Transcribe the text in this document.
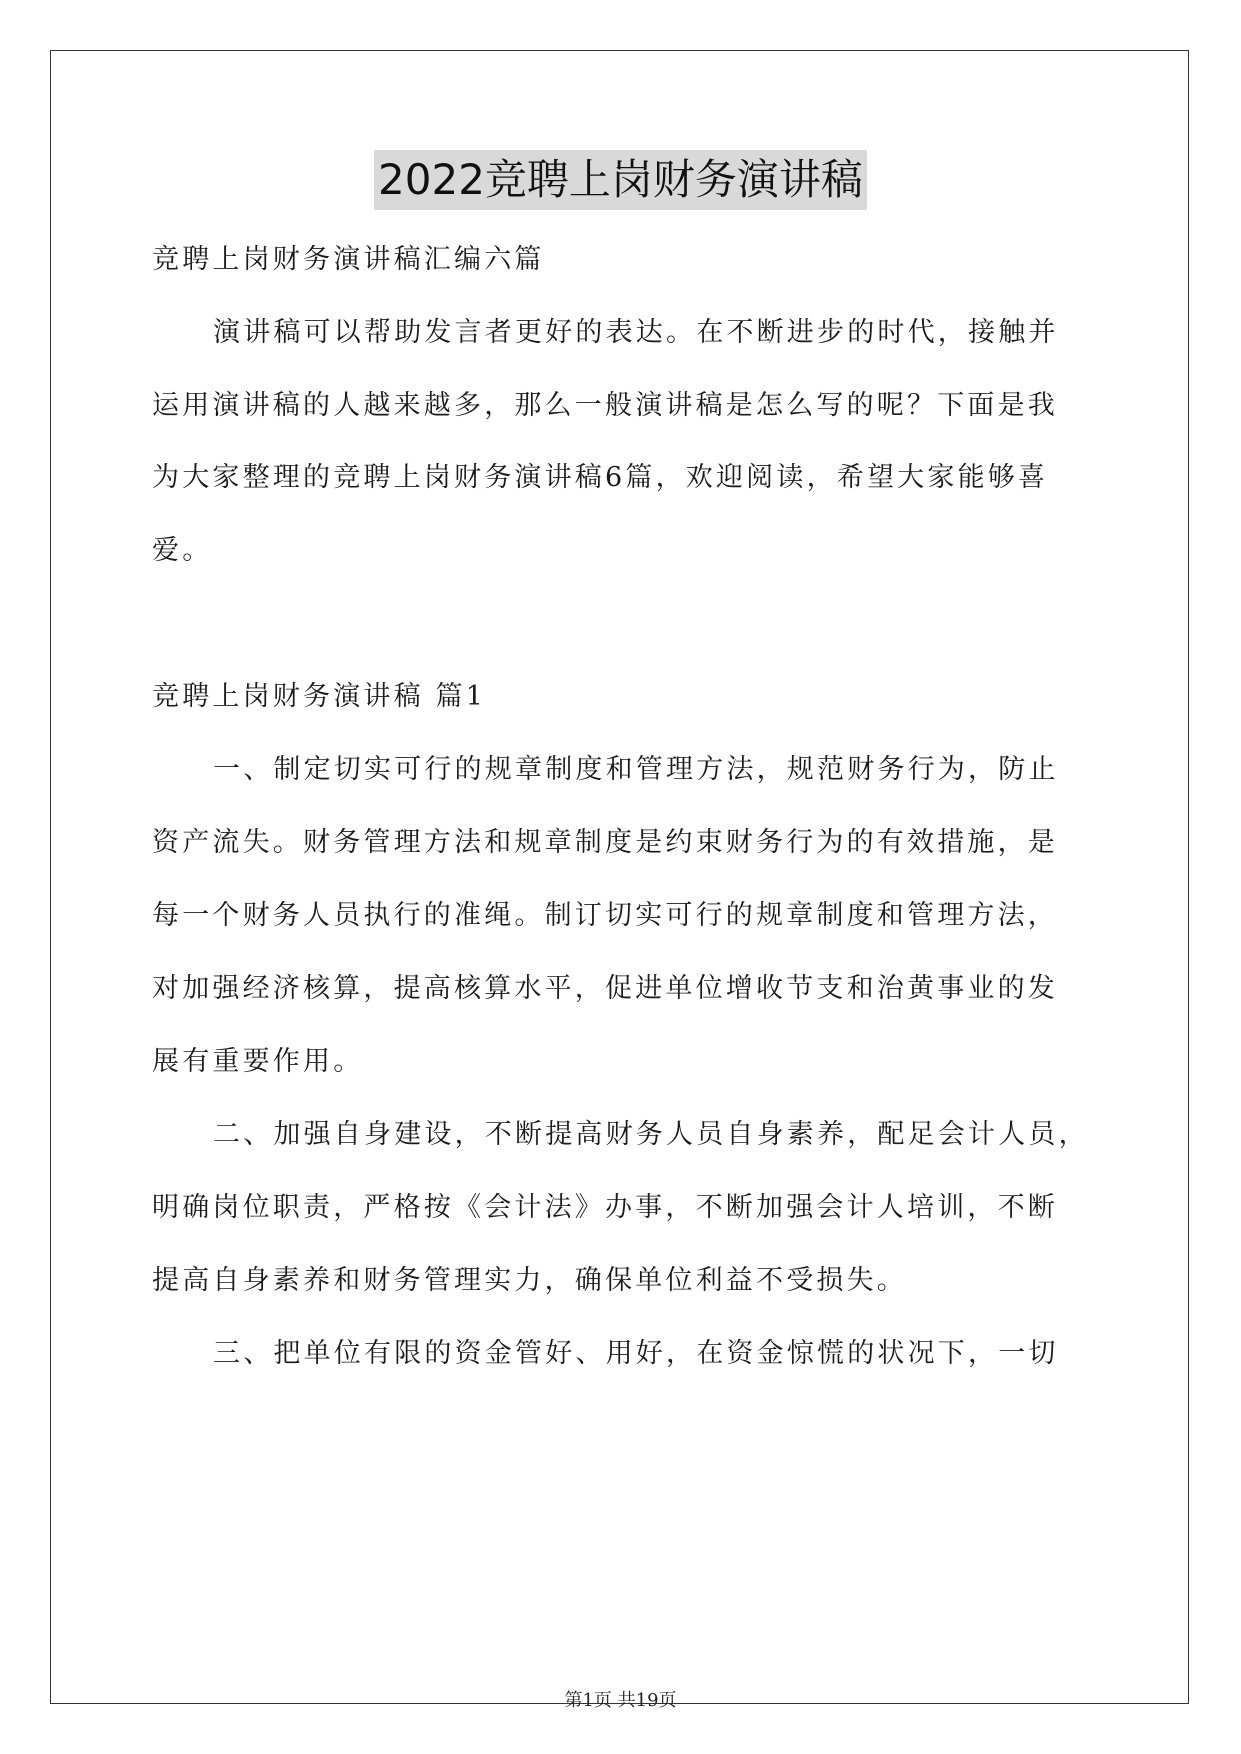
2022竞聘上岗财务演讲稿
竞聘上岗财务演讲稿汇编六篇
演讲稿可以帮助发言者更好的表达。在不断进步的时代，接触并
运用演讲稿的人越来越多，那么一般演讲稿是怎么写的呢？下面是我
为大家整理的竞聘上岗财务演讲稿6篇，欢迎阅读，希望大家能够喜
爱。
竞聘上岗财务演讲稿 篇1
一、制定切实可行的规章制度和管理方法，规范财务行为，防止
资产流失。财务管理方法和规章制度是约束财务行为的有效措施，是
每一个财务人员执行的准绳。制订切实可行的规章制度和管理方法，
对加强经济核算，提高核算水平，促进单位增收节支和治黄事业的发
展有重要作用。
二、加强自身建设，不断提高财务人员自身素养，配足会计人员，
明确岗位职责，严格按《会计法》办事，不断加强会计人培训，不断
提高自身素养和财务管理实力，确保单位利益不受损失。
三、把单位有限的资金管好、用好，在资金惊慌的状况下，一切
第1页 共19页
